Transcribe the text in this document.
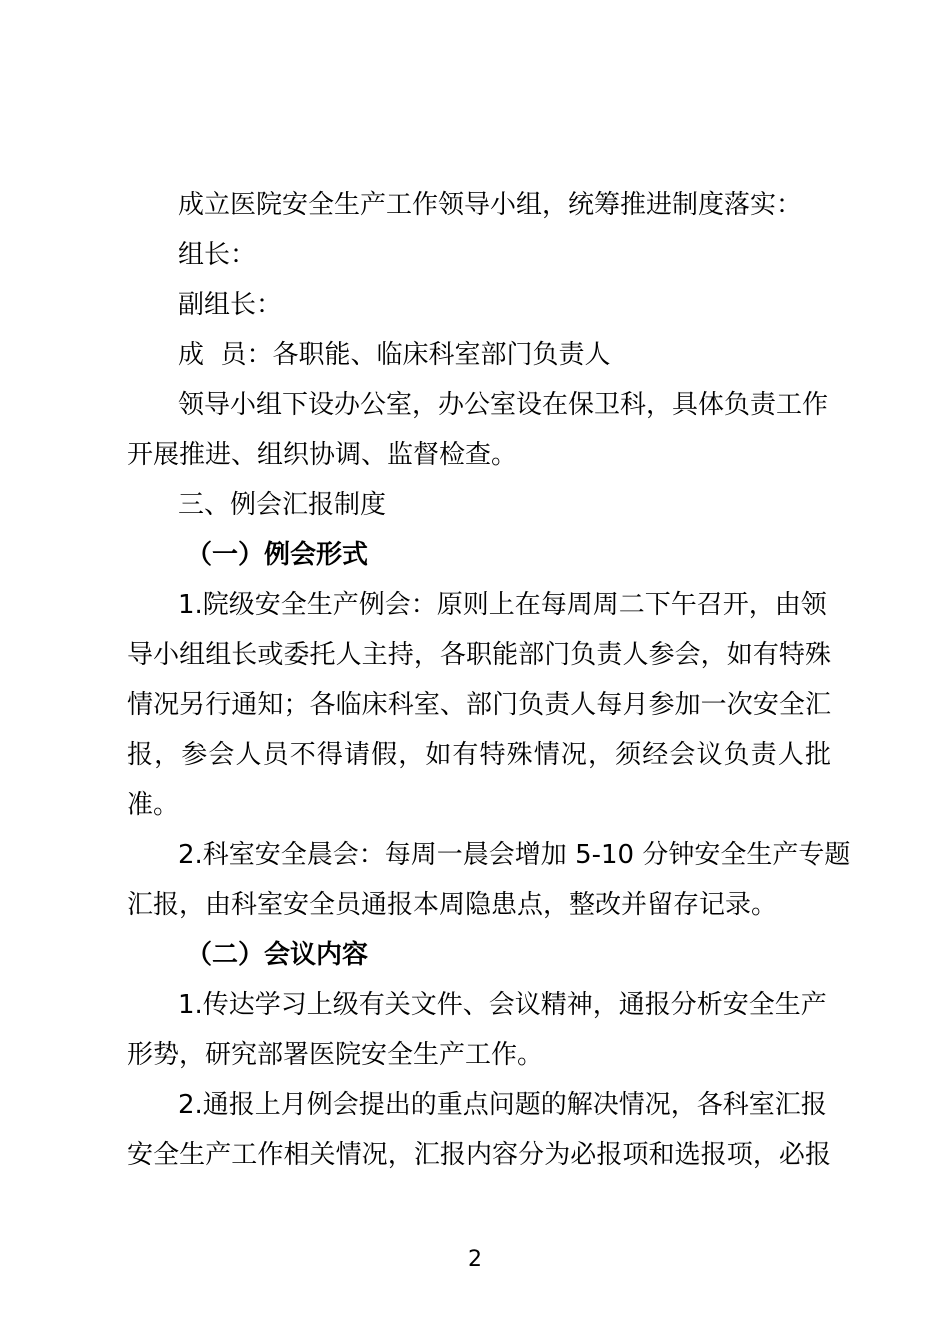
成立医院安全生产工作领导小组，统筹推进制度落实：
组长：
副组长：
成  员：各职能、临床科室部门负责人
领导小组下设办公室，办公室设在保卫科，具体负责工作
开展推进、组织协调、监督检查。
三、例会汇报制度
（一）例会形式
1.院级安全生产例会：原则上在每周周二下午召开，由领
导小组组长或委托人主持，各职能部门负责人参会，如有特殊
情况另行通知；各临床科室、部门负责人每月参加一次安全汇
报，参会人员不得请假，如有特殊情况，须经会议负责人批
准。
2.科室安全晨会：每周一晨会增加 5-10 分钟安全生产专题
汇报，由科室安全员通报本周隐患点，整改并留存记录。
（二）会议内容
1.传达学习上级有关文件、会议精神，通报分析安全生产
形势，研究部署医院安全生产工作。
2.通报上月例会提出的重点问题的解决情况，各科室汇报
安全生产工作相关情况，汇报内容分为必报项和选报项，必报
2
